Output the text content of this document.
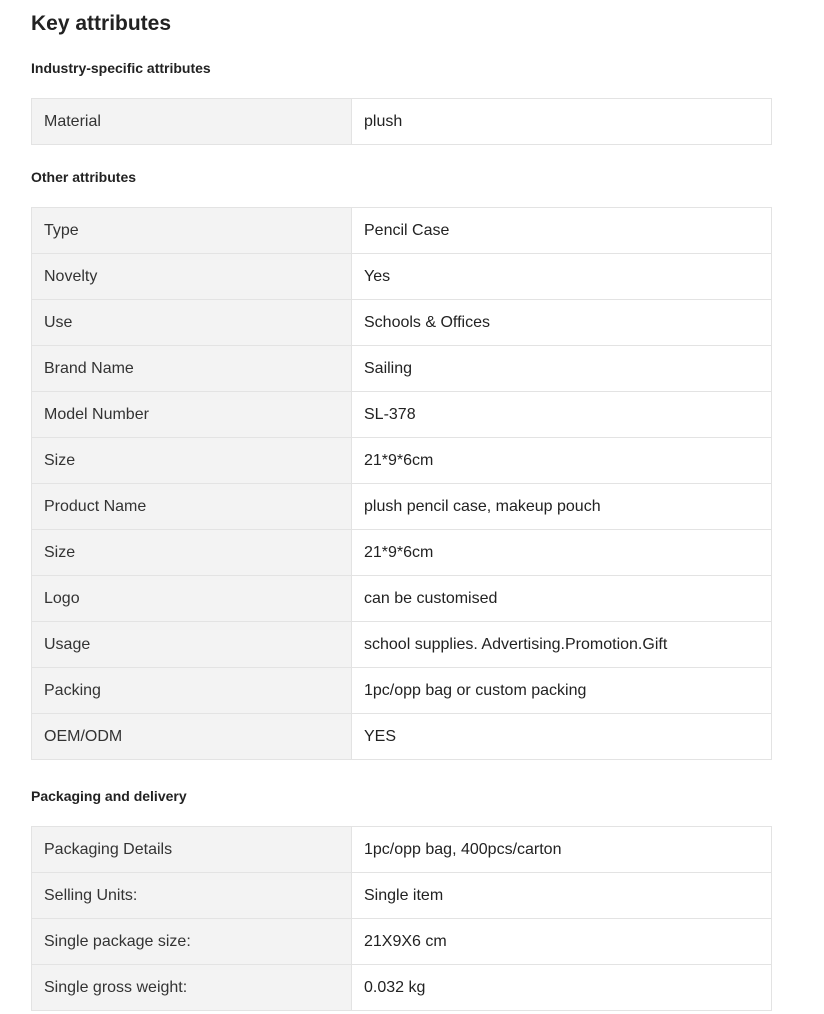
Key attributes
Industry-specific attributes
Material	plush
Other attributes
Type	Pencil Case
Novelty	Yes
Use	Schools & Offices
Brand Name	Sailing
Model Number	SL-378
Size	21*9*6cm
Product Name	plush pencil case, makeup pouch
Size	21*9*6cm
Logo	can be customised
Usage	school supplies. Advertising.Promotion.Gift
Packing	1pc/opp bag or custom packing
OEM/ODM	YES
Packaging and delivery
Packaging Details	1pc/opp bag, 400pcs/carton
Selling Units:	Single item
Single package size:	21X9X6 cm
Single gross weight:	0.032 kg
